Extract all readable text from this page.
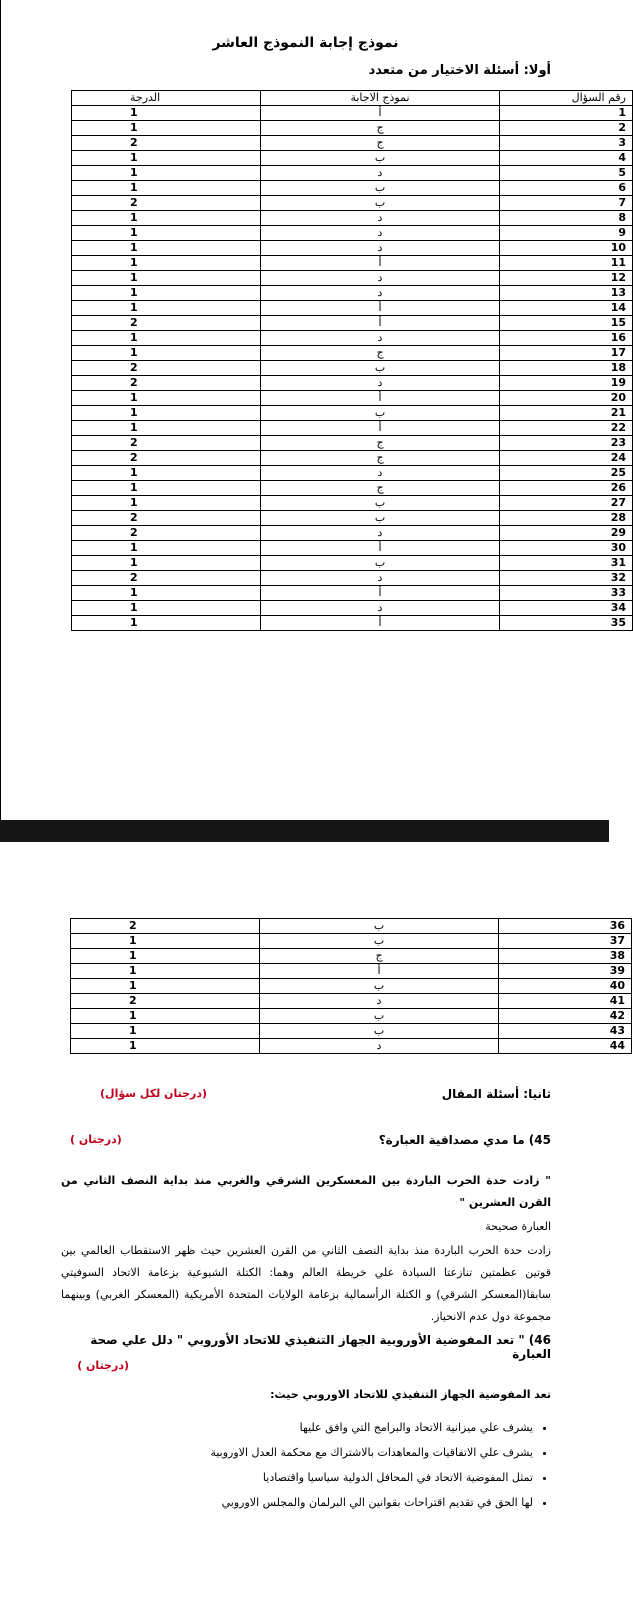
نموذج إجابة النموذج العاشر
أولا: أسئلة الاختيار من متعدد
رقم السؤال	نموذج الاجابة	الدرجة
1	أ	1
2	ج	1
3	ج	2
4	ب	1
5	د	1
6	ب	1
7	ب	2
8	د	1
9	د	1
10	د	1
11	أ	1
12	د	1
13	د	1
14	أ	1
15	أ	2
16	د	1
17	ج	1
18	ب	2
19	د	2
20	أ	1
21	ب	1
22	أ	1
23	ج	2
24	ج	2
25	د	1
26	ج	1
27	ب	1
28	ب	2
29	د	2
30	أ	1
31	ب	1
32	د	2
33	أ	1
34	د	1
35	أ	1
36	ب	2
37	ب	1
38	ج	1
39	أ	1
40	ب	1
41	د	2
42	ب	1
43	ب	1
44	د	1
ثانيا: أسئلة المقال
(درجتان لكل سؤال)
45) ما مدي مصداقية العبارة؟
(درجتان )
" زادت حدة الحرب الباردة بين المعسكرين الشرقي والغربي منذ بداية النصف الثاني من القرن العشرين "
العبارة صحيحة
زادت حدة الحرب الباردة منذ بداية النصف الثاني من القرن العشرين حيث ظهر الاستقطاب العالمي بين قوتين عظمتين تنازعتا السيادة علي خريطة العالم وهما: الكتلة الشيوعية بزعامة الاتحاد السوفيتي سابقا(المعسكر الشرقي) و الكتلة الرأسمالية بزعامة الولايات المتحدة الأمريكية (المعسكر الغربي) وبينهما مجموعة دول عدم الانحياز.
46) " تعد المفوضية الأوروبية الجهاز التنفيذي للاتحاد الأوروبي " دلل علي صحة العبارة
(درجتان )
تعد المفوضية الجهاز التنفيذي للاتحاد الاوروبي حيث:
• يشرف علي ميزانية الاتحاد والبرامج التي وافق عليها
• يشرف علي الاتفاقيات والمعاهدات بالاشتراك مع محكمة العدل الاوروبية
• تمثل المفوضية الاتحاد في المحافل الدولية سياسيا واقتصاديا
• لها الحق في تقديم اقتراحات بقوانين الي البرلمان والمجلس الاوروبي
